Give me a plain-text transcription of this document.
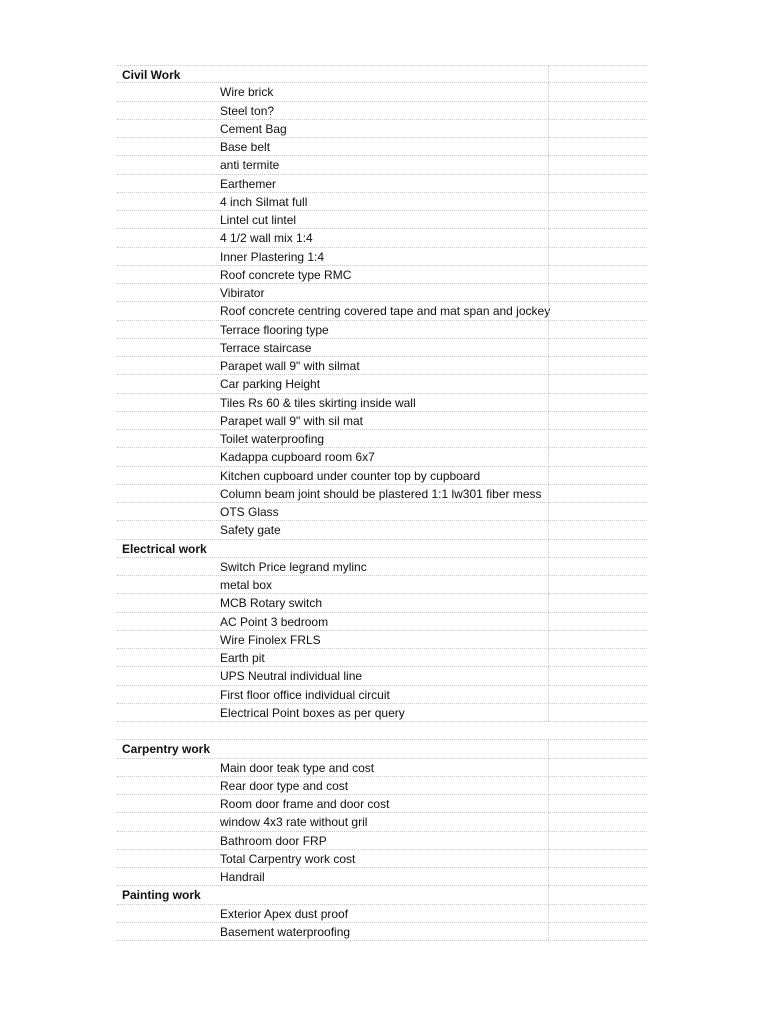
Civil Work
Wire brick
Steel ton?
Cement Bag
Base belt
anti termite
Earthemer
4 inch Silmat full
Lintel cut lintel
4 1/2 wall mix 1:4
Inner Plastering 1:4
Roof concrete type RMC
Vibirator
Roof concrete centring covered tape and mat span and jockey
Terrace flooring type
Terrace staircase
Parapet wall 9" with silmat
Car parking Height
Tiles Rs 60 & tiles skirting inside wall
Parapet wall 9" with sil mat
Toilet waterproofing
Kadappa cupboard room 6x7
Kitchen cupboard under counter top by cupboard
Column beam joint should be plastered 1:1 lw301 fiber mess
OTS Glass
Safety gate
Electrical work
Switch Price legrand mylinc
metal box
MCB Rotary switch
AC Point 3 bedroom
Wire Finolex FRLS
Earth pit
UPS Neutral individual line
First floor office individual circuit
Electrical Point boxes as per query
Carpentry work
Main door teak type and cost
Rear door type and cost
Room door frame and door cost
window 4x3 rate without gril
Bathroom door FRP
Total Carpentry work cost
Handrail
Painting work
Exterior Apex dust proof
Basement waterproofing
